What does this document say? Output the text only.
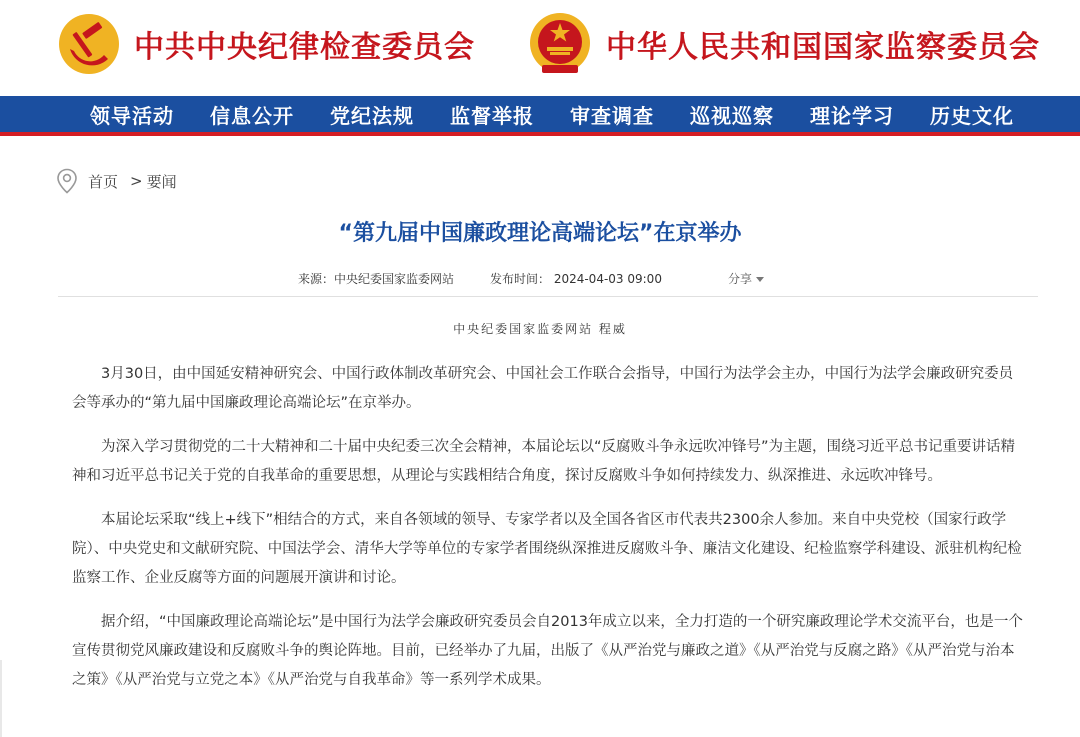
中共中央纪律检查委员会	中华人民共和国国家监察委员会
领导活动	信息公开	党纪法规	监督举报	审查调查	巡视巡察	理论学习	历史文化
首页 > 要闻
“第九届中国廉政理论高端论坛”在京举办
来源：中央纪委国家监委网站	发布时间： 2024-04-03 09:00	分享
中央纪委国家监委网站 程威

3月30日，由中国延安精神研究会、中国行政体制改革研究会、中国社会工作联合会指导，中国行为法学会主办，中国行为法学会廉政研究委员会等承办的“第九届中国廉政理论高端论坛”在京举办。

为深入学习贯彻党的二十大精神和二十届中央纪委三次全会精神，本届论坛以“反腐败斗争永远吹冲锋号”为主题，围绕习近平总书记重要讲话精神和习近平总书记关于党的自我革命的重要思想，从理论与实践相结合角度，探讨反腐败斗争如何持续发力、纵深推进、永远吹冲锋号。

本届论坛采取“线上+线下”相结合的方式，来自各领域的领导、专家学者以及全国各省区市代表共2300余人参加。来自中央党校（国家行政学院）、中央党史和文献研究院、中国法学会、清华大学等单位的专家学者围绕纵深推进反腐败斗争、廉洁文化建设、纪检监察学科建设、派驻机构纪检监察工作、企业反腐等方面的问题展开演讲和讨论。

据介绍，“中国廉政理论高端论坛”是中国行为法学会廉政研究委员会自2013年成立以来，全力打造的一个研究廉政理论学术交流平台，也是一个宣传贯彻党风廉政建设和反腐败斗争的舆论阵地。目前，已经举办了九届，出版了《从严治党与廉政之道》《从严治党与反腐之路》《从严治党与治本之策》《从严治党与立党之本》《从严治党与自我革命》等一系列学术成果。
